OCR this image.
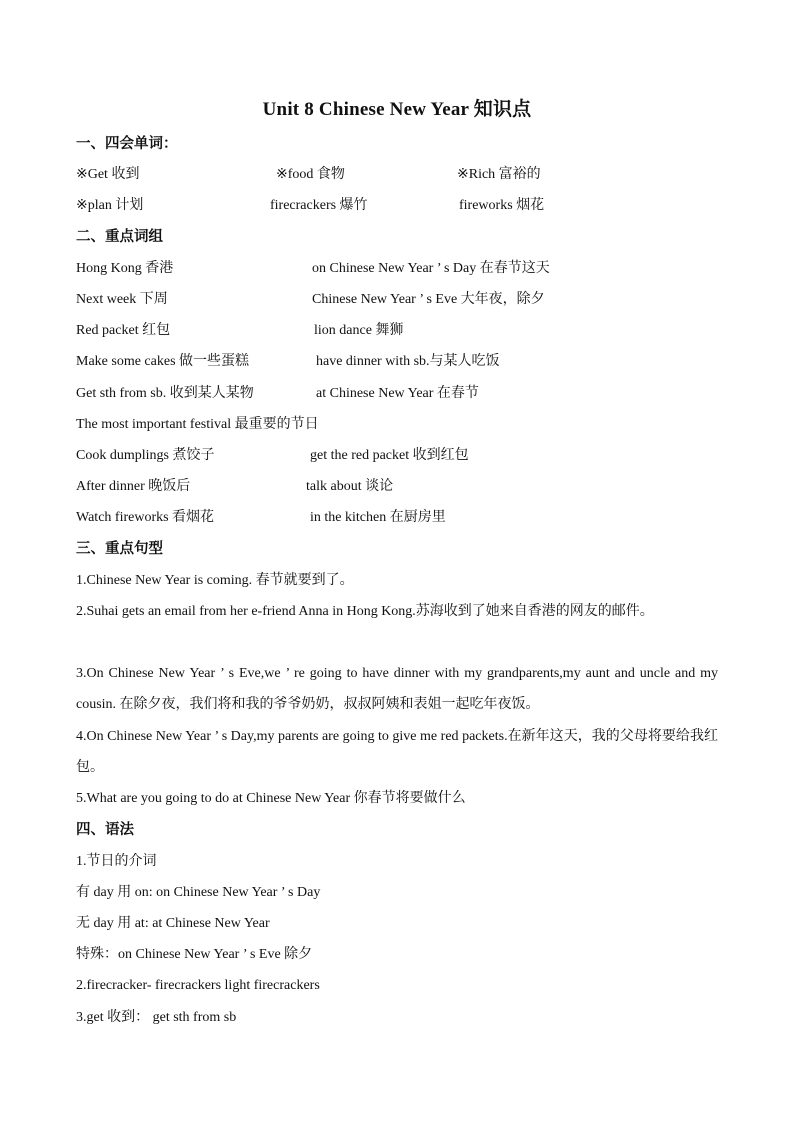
Unit 8 Chinese New Year 知识点
一、四会单词：
※Get 收到	※food 食物	※Rich 富裕的
※plan 计划	firecrackers 爆竹	fireworks 烟花
二、重点词组
Hong Kong 香港	on Chinese New Year ’ s Day 在春节这天
Next week 下周	Chinese New Year ’ s Eve 大年夜，除夕
Red packet 红包	lion dance 舞狮
Make some cakes 做一些蛋糕	have dinner with sb.与某人吃饭
Get sth from sb. 收到某人某物	at Chinese New Year 在春节
The most important festival 最重要的节日
Cook dumplings 煮饺子	get the red packet 收到红包
After dinner 晚饭后	talk about 谈论
Watch fireworks 看烟花	in the kitchen 在厨房里
三、重点句型
1.Chinese New Year is coming. 春节就要到了。
2.Suhai gets an email from her e-friend Anna in Hong Kong.苏海收到了她来自香港的网友的邮件。
3.On Chinese New Year ’ s Eve,we ’ re going to have dinner with my grandparents,my aunt and uncle and my cousin. 在除夕夜，我们将和我的爷爷奶奶，叔叔阿姨和表姐一起吃年夜饭。
4.On Chinese New Year ’ s Day,my parents are going to give me red packets.在新年这天，我的父母将要给我红包。
5.What are you going to do at Chinese New Year 你春节将要做什么
四、语法
1.节日的介词
有 day 用 on: on Chinese New Year ’ s Day
无 day 用 at: at Chinese New Year
特殊：on Chinese New Year ’ s Eve 除夕
2.firecracker- firecrackers light firecrackers
3.get 收到： get sth from sb
